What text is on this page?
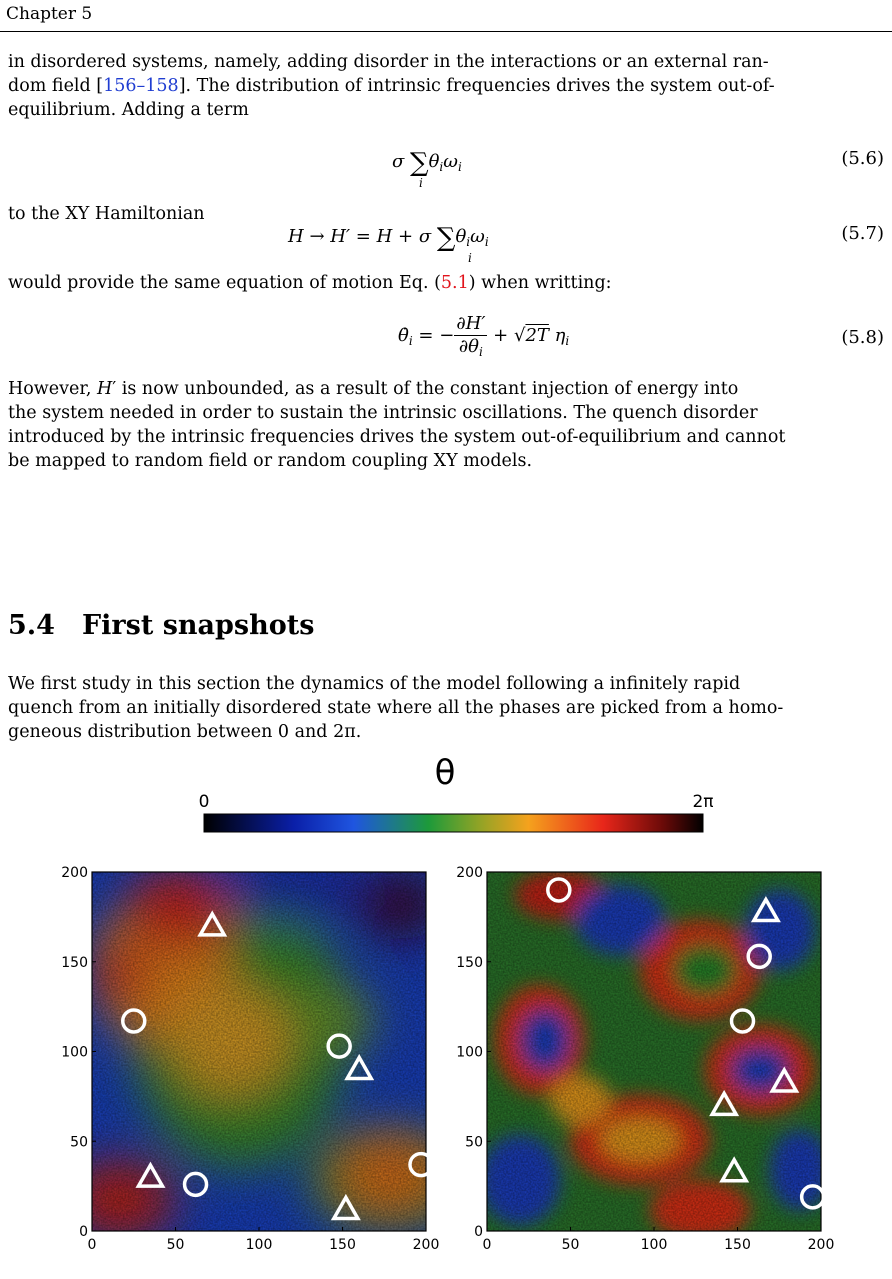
Chapter 5
in disordered systems, namely, adding disorder in the interactions or an external ran-
dom field [156–158]. The distribution of intrinsic frequencies drives the system out-of-
equilibrium. Adding a term
σ $\sum\theta_i\omega_i$
i
(5.6)
to the XY Hamiltonian
H → H′ = H + σ $\sum\theta_i\omega_i$
i
(5.7)
would provide the same equation of motion Eq. (5.1) when writting:
$\thetȧ_i$ = − $\frac{\partial H'}{\partial\theta_i} + √2T$ $\eta_i$	(5.8)
However, H′ is now unbounded, as a result of the constant injection of energy into
the system needed in order to sustain the intrinsic oscillations. The quench disorder
introduced by the intrinsic frequencies drives the system out-of-equilibrium and cannot
be mapped to random field or random coupling XY models.
5.4 First snapshots
We first study in this section the dynamics of the model following a infinitely rapid
quench from an initially disordered state where all the phases are picked from a homo-
geneous distribution between 0 and 2π.
θ
0	2π
0	50	100	150	200
0
50
100
150
200
0	50	100	150	200
0
50
100
150
200
